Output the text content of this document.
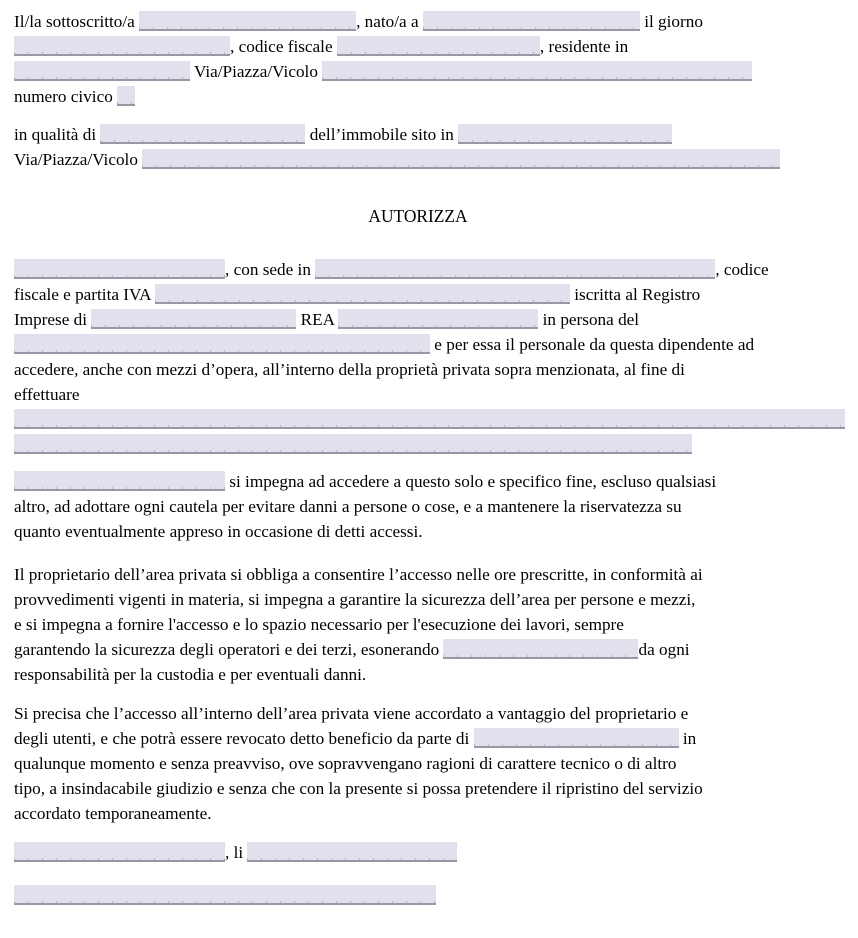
Il/la sottoscritto/a	, nato/a a	il giorno
, codice fiscale	, residente in
Via/Piazza/Vicolo
numero civico
in qualità di	dell’immobile sito in
Via/Piazza/Vicolo
AUTORIZZA
, con sede in	, codice
fiscale e partita IVA	iscritta al Registro
Imprese di	REA	in persona del
e per essa il personale da questa dipendente ad
accedere, anche con mezzi d’opera, all’interno della proprietà privata sopra menzionata, al fine di
effettuare
si impegna ad accedere a questo solo e specifico fine, escluso qualsiasi
altro, ad adottare ogni cautela per evitare danni a persone o cose, e a mantenere la riservatezza su
quanto eventualmente appreso in occasione di detti accessi.
Il proprietario dell’area privata si obbliga a consentire l’accesso nelle ore prescritte, in conformità ai
provvedimenti vigenti in materia, si impegna a garantire la sicurezza dell’area per persone e mezzi,
e si impegna a fornire l'accesso e lo spazio necessario per l'esecuzione dei lavori, sempre
garantendo la sicurezza degli operatori e dei terzi, esonerando	da ogni
responsabilità per la custodia e per eventuali danni.
Si precisa che l’accesso all’interno dell’area privata viene accordato a vantaggio del proprietario e
degli utenti, e che potrà essere revocato detto beneficio da parte di	in
qualunque momento e senza preavviso, ove sopravvengano ragioni di carattere tecnico o di altro
tipo, a insindacabile giudizio e senza che con la presente si possa pretendere il ripristino del servizio
accordato temporaneamente.
, li
